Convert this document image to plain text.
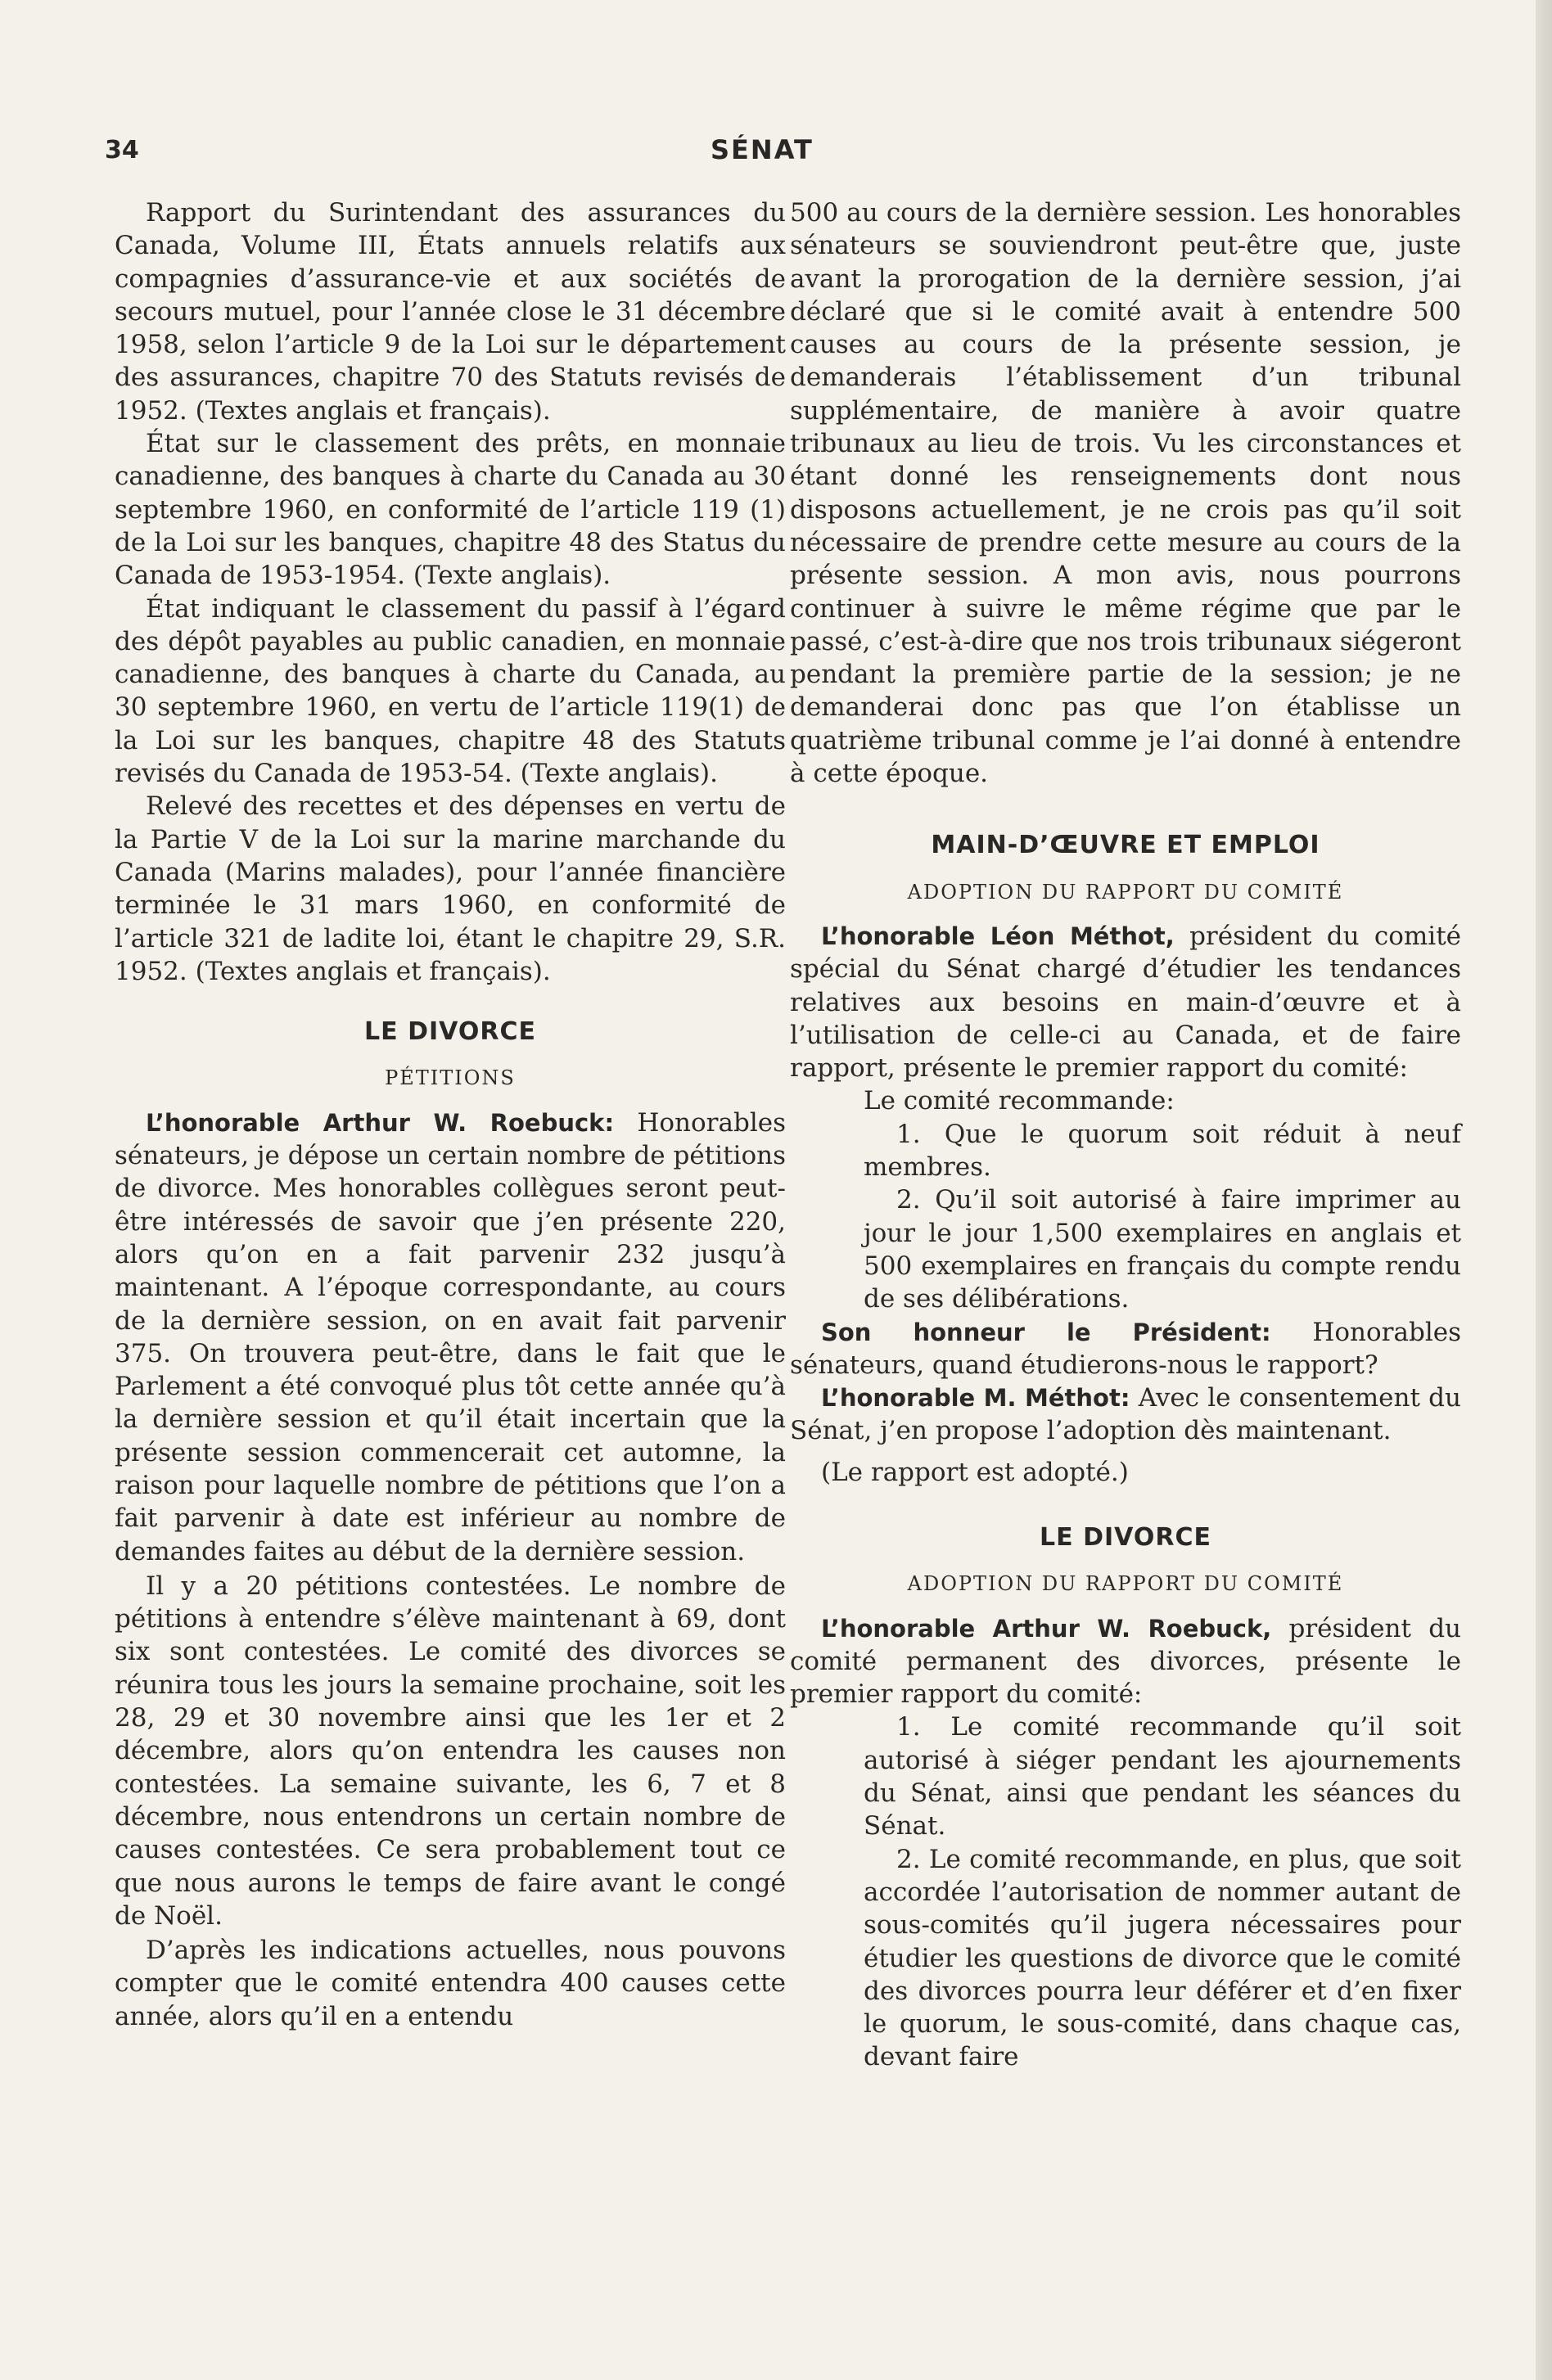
34	SÉNAT

Rapport du Surintendant des assurances du Canada, Volume III, États annuels relatifs aux compagnies d’assurance-vie et aux sociétés de secours mutuel, pour l’année close le 31 décembre 1958, selon l’article 9 de la Loi sur le département des assurances, chapitre 70 des Statuts revisés de 1952. (Textes anglais et français).

État sur le classement des prêts, en monnaie canadienne, des banques à charte du Canada au 30 septembre 1960, en conformité de l’article 119 (1) de la Loi sur les banques, chapitre 48 des Status du Canada de 1953-1954. (Texte anglais).

État indiquant le classement du passif à l’égard des dépôt payables au public canadien, en monnaie canadienne, des banques à charte du Canada, au 30 septembre 1960, en vertu de l’article 119(1) de la Loi sur les banques, chapitre 48 des Statuts revisés du Canada de 1953-54. (Texte anglais).

Relevé des recettes et des dépenses en vertu de la Partie V de la Loi sur la marine marchande du Canada (Marins malades), pour l’année financière terminée le 31 mars 1960, en conformité de l’article 321 de ladite loi, étant le chapitre 29, S.R. 1952. (Textes anglais et français).

LE DIVORCE
PÉTITIONS

L’honorable Arthur W. Roebuck: Honorables sénateurs, je dépose un certain nombre de pétitions de divorce. Mes honorables collègues seront peut-être intéressés de savoir que j’en présente 220, alors qu’on en a fait parvenir 232 jusqu’à maintenant. A l’époque correspondante, au cours de la dernière session, on en avait fait parvenir 375. On trouvera peut-être, dans le fait que le Parlement a été convoqué plus tôt cette année qu’à la dernière session et qu’il était incertain que la présente session commencerait cet automne, la raison pour laquelle nombre de pétitions que l’on a fait parvenir à date est inférieur au nombre de demandes faites au début de la dernière session.

Il y a 20 pétitions contestées. Le nombre de pétitions à entendre s’élève maintenant à 69, dont six sont contestées. Le comité des divorces se réunira tous les jours la semaine prochaine, soit les 28, 29 et 30 novembre ainsi que les 1er et 2 décembre, alors qu’on entendra les causes non contestées. La semaine suivante, les 6, 7 et 8 décembre, nous entendrons un certain nombre de causes contestées. Ce sera probablement tout ce que nous aurons le temps de faire avant le congé de Noël.

D’après les indications actuelles, nous pouvons compter que le comité entendra 400 causes cette année, alors qu’il en a entendu

500 au cours de la dernière session. Les honorables sénateurs se souviendront peut-être que, juste avant la prorogation de la dernière session, j’ai déclaré que si le comité avait à entendre 500 causes au cours de la présente session, je demanderais l’établissement d’un tribunal supplémentaire, de manière à avoir quatre tribunaux au lieu de trois. Vu les circonstances et étant donné les renseignements dont nous disposons actuellement, je ne crois pas qu’il soit nécessaire de prendre cette mesure au cours de la présente session. A mon avis, nous pourrons continuer à suivre le même régime que par le passé, c’est-à-dire que nos trois tribunaux siégeront pendant la première partie de la session; je ne demanderai donc pas que l’on établisse un quatrième tribunal comme je l’ai donné à entendre à cette époque.

MAIN-D’ŒUVRE ET EMPLOI
ADOPTION DU RAPPORT DU COMITÉ

L’honorable Léon Méthot, président du comité spécial du Sénat chargé d’étudier les tendances relatives aux besoins en main-d’œuvre et à l’utilisation de celle-ci au Canada, et de faire rapport, présente le premier rapport du comité:

Le comité recommande:

1. Que le quorum soit réduit à neuf membres.

2. Qu’il soit autorisé à faire imprimer au jour le jour 1,500 exemplaires en anglais et 500 exemplaires en français du compte rendu de ses délibérations.

Son honneur le Président: Honorables sénateurs, quand étudierons-nous le rapport?

L’honorable M. Méthot: Avec le consentement du Sénat, j’en propose l’adoption dès maintenant.

(Le rapport est adopté.)

LE DIVORCE
ADOPTION DU RAPPORT DU COMITÉ

L’honorable Arthur W. Roebuck, président du comité permanent des divorces, présente le premier rapport du comité:

1. Le comité recommande qu’il soit autorisé à siéger pendant les ajournements du Sénat, ainsi que pendant les séances du Sénat.

2. Le comité recommande, en plus, que soit accordée l’autorisation de nommer autant de sous-comités qu’il jugera nécessaires pour étudier les questions de divorce que le comité des divorces pourra leur déférer et d’en fixer le quorum, le sous-comité, dans chaque cas, devant faire
